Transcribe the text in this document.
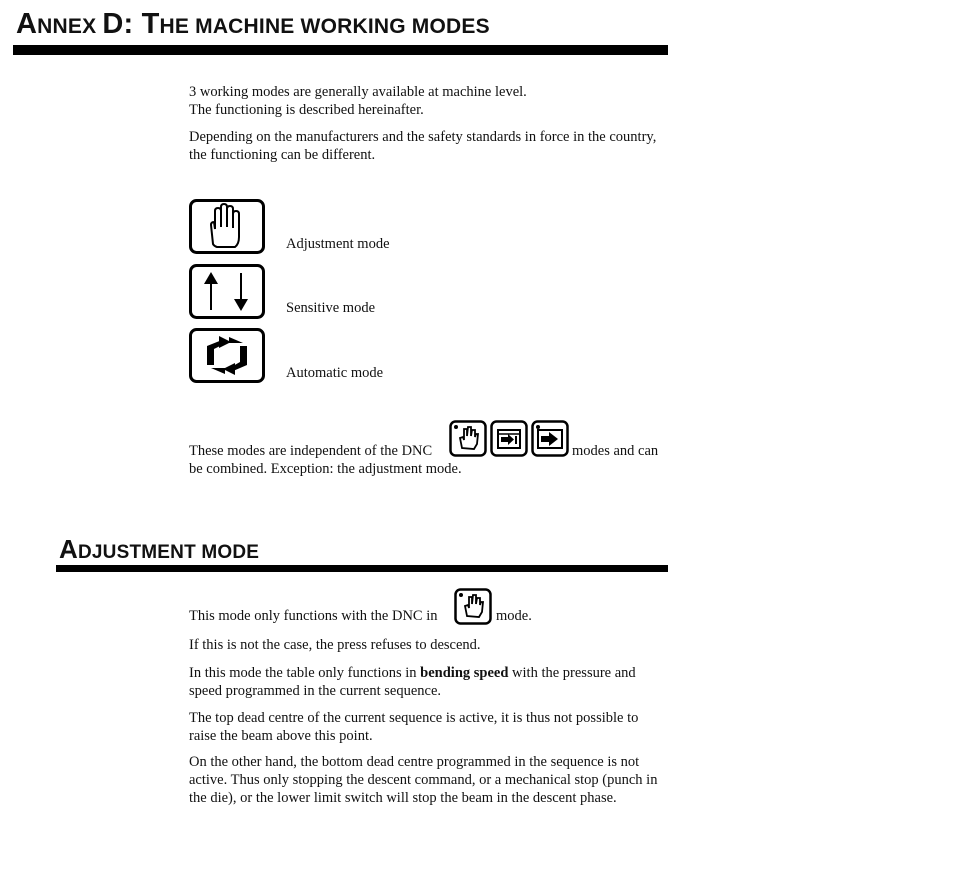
ANNEX D: THE MACHINE WORKING MODES

3 working modes are generally available at machine level.
The functioning is described hereinafter.

Depending on the manufacturers and the safety standards in force in the country, the functioning can be different.

Adjustment mode
Sensitive mode
Automatic mode
These modes are independent of the DNC	modes and can
be combined. Exception: the adjustment mode.
ADJUSTMENT MODE
This mode only functions with the DNC in	mode.

If this is not the case, the press refuses to descend.

In this mode the table only functions in bending speed with the pressure and speed programmed in the current sequence.

The top dead centre of the current sequence is active, it is thus not possible to raise the beam above this point.

On the other hand, the bottom dead centre programmed in the sequence is not active. Thus only stopping the descent command, or a mechanical stop (punch in the die), or the lower limit switch will stop the beam in the descent phase.
